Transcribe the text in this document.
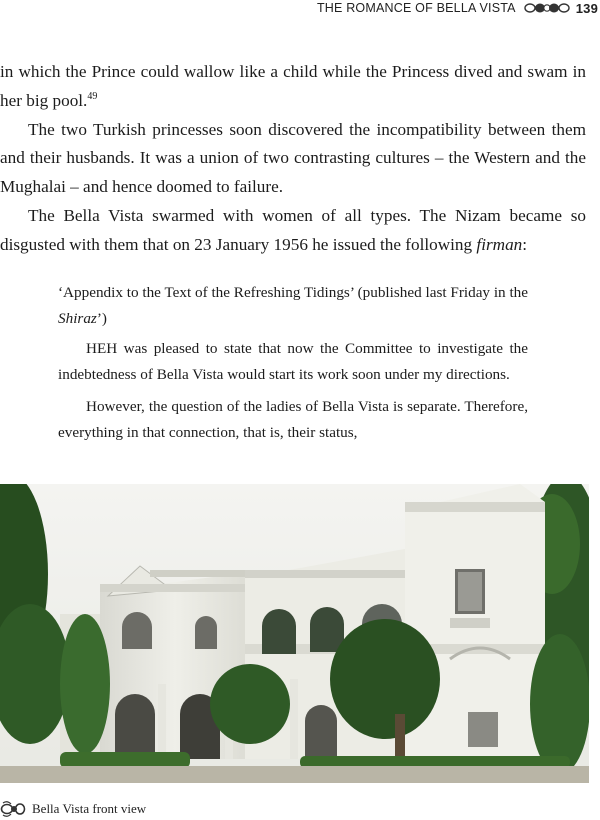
THE ROMANCE OF BELLA VISTA	139

in which the Prince could wallow like a child while the Princess dived and swam in her big pool.$^{49}$

The two Turkish princesses soon discovered the incompatibility between them and their husbands. It was a union of two contrasting cultures – the Western and the Mughalai – and hence doomed to failure.

The Bella Vista swarmed with women of all types. The Nizam became so disgusted with them that on 23 January 1956 he issued the following firman:

‘Appendix to the Text of the Refreshing Tidings’ (published last Friday in the Shiraz’)

HEH was pleased to state that now the Committee to investigate the indebtedness of Bella Vista would start its work soon under my directions.

However, the question of the ladies of Bella Vista is separate. Therefore, everything in that connection, that is, their status,

Bella Vista front view
